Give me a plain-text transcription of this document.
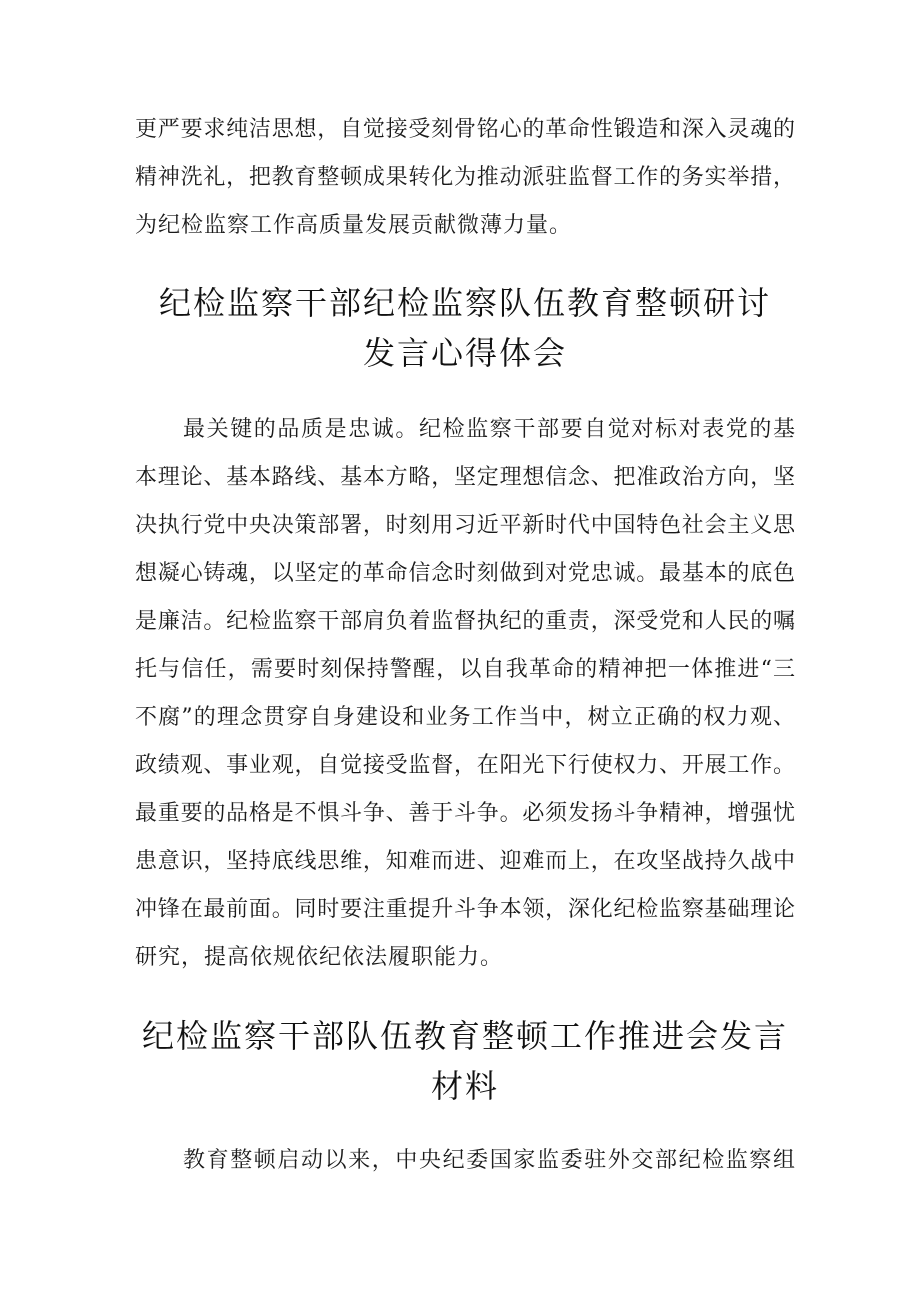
更严要求纯洁思想，自觉接受刻骨铭心的革命性锻造和深入灵魂的
精神洗礼，把教育整顿成果转化为推动派驻监督工作的务实举措，
为纪检监察工作高质量发展贡献微薄力量。
纪检监察干部纪检监察队伍教育整顿研讨
发言心得体会
最关键的品质是忠诚。纪检监察干部要自觉对标对表党的基
本理论、基本路线、基本方略，坚定理想信念、把准政治方向，坚
决执行党中央决策部署，时刻用习近平新时代中国特色社会主义思
想凝心铸魂，以坚定的革命信念时刻做到对党忠诚。最基本的底色
是廉洁。纪检监察干部肩负着监督执纪的重责，深受党和人民的嘱
托与信任，需要时刻保持警醒，以自我革命的精神把一体推进“三
不腐”的理念贯穿自身建设和业务工作当中，树立正确的权力观、
政绩观、事业观，自觉接受监督，在阳光下行使权力、开展工作。
最重要的品格是不惧斗争、善于斗争。必须发扬斗争精神，增强忧
患意识，坚持底线思维，知难而进、迎难而上，在攻坚战持久战中
冲锋在最前面。同时要注重提升斗争本领，深化纪检监察基础理论
研究，提高依规依纪依法履职能力。
纪检监察干部队伍教育整顿工作推进会发言
材料
教育整顿启动以来，中央纪委国家监委驻外交部纪检监察组
